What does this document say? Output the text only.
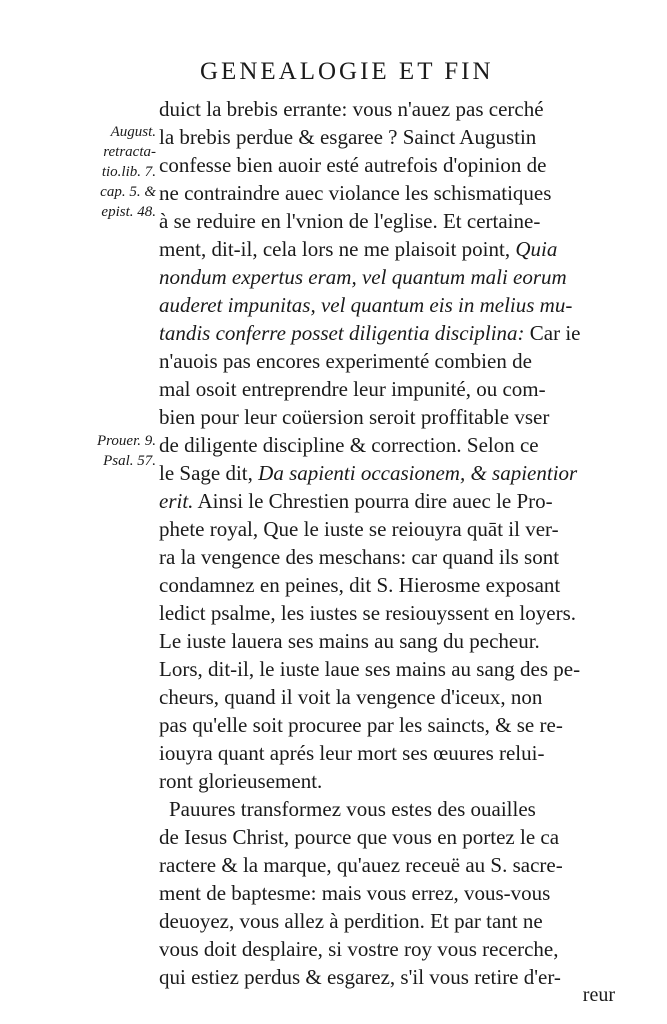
GENEALOGIE ET FIN
August.
retracta-
tio.lib. 7.
cap. 5. &
epist. 48.
Prouer. 9.
Psal. 57.
duict la brebis errante: vous n'auez pas cerché
la brebis perdue & esgaree ? Sainct Augustin
confesse bien auoir esté autrefois d'opinion de
ne contraindre auec violance les schismatiques
à se reduire en l'vnion de l'eglise. Et certaine-
ment, dit-il, cela lors ne me plaisoit point, Quia
nondum expertus eram, vel quantum mali eorum
auderet impunitas, vel quantum eis in melius mu-
tandis conferre posset diligentia disciplina: Car ie
n'auois pas encores experimenté combien de
mal osoit entreprendre leur impunité, ou com-
bien pour leur coüersion seroit proffitable vser
de diligente discipline & correction. Selon ce
le Sage dit, Da sapienti occasionem, & sapientior
erit. Ainsi le Chrestien pourra dire auec le Pro-
phete royal, Que le iuste se reiouyra quāt il ver-
ra la vengence des meschans: car quand ils sont
condamnez en peines, dit S. Hierosme exposant
ledict psalme, les iustes se resiouyssent en loyers.
Le iuste lauera ses mains au sang du pecheur.
Lors, dit-il, le iuste laue ses mains au sang des pe-
cheurs, quand il voit la vengence d'iceux, non
pas qu'elle soit procuree par les saincts, & se re-
iouyra quant aprés leur mort ses œuures relui-
ront glorieusement.
Pauures transformez vous estes des ouailles
de Iesus Christ, pource que vous en portez le ca
ractere & la marque, qu'auez receuë au S. sacre-
ment de baptesme: mais vous errez, vous-vous
deuoyez, vous allez à perdition. Et par tant ne
vous doit desplaire, si vostre roy vous recerche,
qui estiez perdus & esgarez, s'il vous retire d'er-
reur
